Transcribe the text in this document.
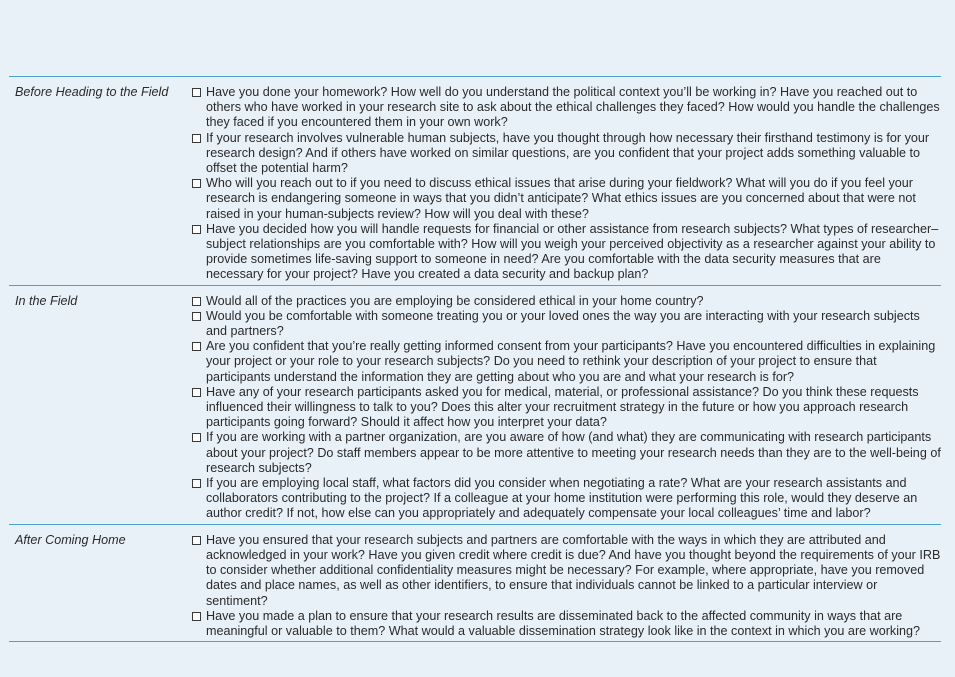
Before Heading to the Field	Have you done your homework? How well do you understand the political context you’ll be working in? Have you reached out to others who have worked in your research site to ask about the ethical challenges they faced? How would you handle the challenges they faced if you encountered them in your own work?
If your research involves vulnerable human subjects, have you thought through how necessary their firsthand testimony is for your research design? And if others have worked on similar questions, are you confident that your project adds something valuable to offset the potential harm?
Who will you reach out to if you need to discuss ethical issues that arise during your fieldwork? What will you do if you feel your research is endangering someone in ways that you didn’t anticipate? What ethics issues are you concerned about that were not raised in your human-subjects review? How will you deal with these?
Have you decided how you will handle requests for financial or other assistance from research subjects? What types of researcher–subject relationships are you comfortable with? How will you weigh your perceived objectivity as a researcher against your ability to provide sometimes life-saving support to someone in need? Are you comfortable with the data security measures that are necessary for your project? Have you created a data security and backup plan?
In the Field	Would all of the practices you are employing be considered ethical in your home country?
Would you be comfortable with someone treating you or your loved ones the way you are interacting with your research subjects and partners?
Are you confident that you’re really getting informed consent from your participants? Have you encountered difficulties in explaining your project or your role to your research subjects? Do you need to rethink your description of your project to ensure that participants understand the information they are getting about who you are and what your research is for?
Have any of your research participants asked you for medical, material, or professional assistance? Do you think these requests influenced their willingness to talk to you? Does this alter your recruitment strategy in the future or how you approach research participants going forward? Should it affect how you interpret your data?
If you are working with a partner organization, are you aware of how (and what) they are communicating with research participants about your project? Do staff members appear to be more attentive to meeting your research needs than they are to the well-being of research subjects?
If you are employing local staff, what factors did you consider when negotiating a rate? What are your research assistants and collaborators contributing to the project? If a colleague at your home institution were performing this role, would they deserve an author credit? If not, how else can you appropriately and adequately compensate your local colleagues’ time and labor?
After Coming Home	Have you ensured that your research subjects and partners are comfortable with the ways in which they are attributed and acknowledged in your work? Have you given credit where credit is due? And have you thought beyond the requirements of your IRB to consider whether additional confidentiality measures might be necessary? For example, where appropriate, have you removed dates and place names, as well as other identifiers, to ensure that individuals cannot be linked to a particular interview or sentiment?
Have you made a plan to ensure that your research results are disseminated back to the affected community in ways that are meaningful or valuable to them? What would a valuable dissemination strategy look like in the context in which you are working?
